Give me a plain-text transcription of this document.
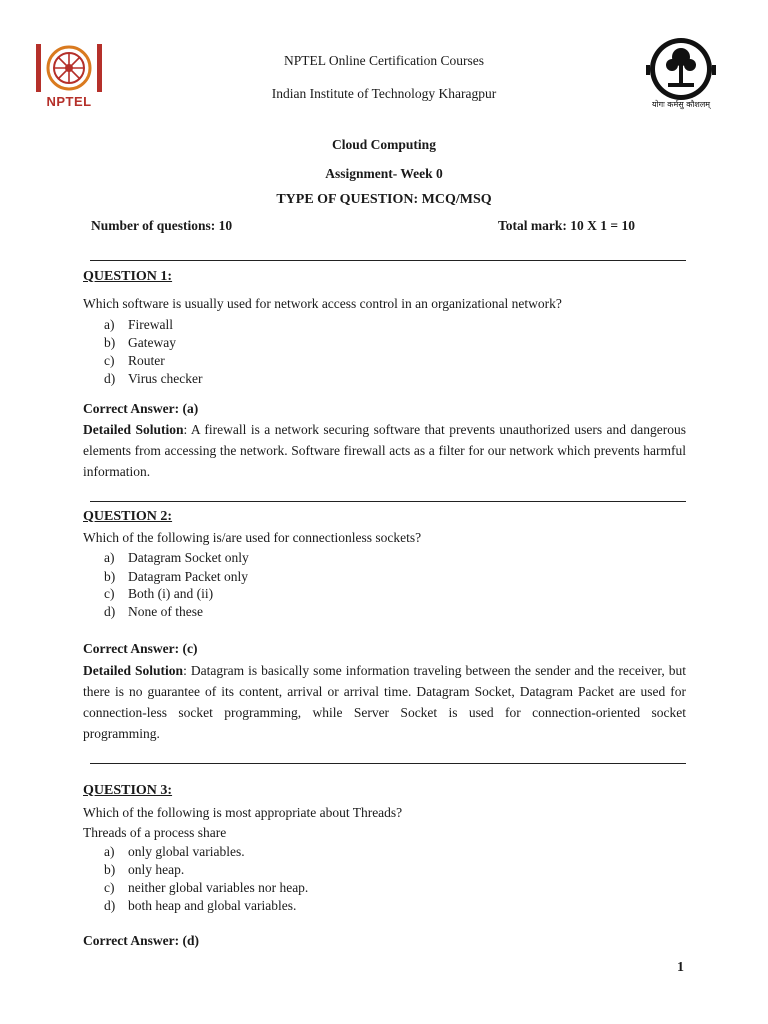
NPTEL	योगः कर्मसु कौशलम्
NPTEL Online Certification Courses
Indian Institute of Technology Kharagpur
Cloud Computing
Assignment- Week 0
TYPE OF QUESTION: MCQ/MSQ
Number of questions: 10	Total mark: 10 X 1 = 10
QUESTION 1:
Which software is usually used for network access control in an organizational network?
a) Firewall
b) Gateway
c) Router
d) Virus checker
Correct Answer: (a)
Detailed Solution: A firewall is a network securing software that prevents unauthorized users and dangerous elements from accessing the network. Software firewall acts as a filter for our network which prevents harmful information.
QUESTION 2:
Which of the following is/are used for connectionless sockets?
a) Datagram Socket only
b) Datagram Packet only
c) Both (i) and (ii)
d) None of these
Correct Answer: (c)
Detailed Solution: Datagram is basically some information traveling between the sender and the receiver, but there is no guarantee of its content, arrival or arrival time. Datagram Socket, Datagram Packet are used for connection-less socket programming, while Server Socket is used for connection-oriented socket programming.
QUESTION 3:
Which of the following is most appropriate about Threads?
Threads of a process share
a) only global variables.
b) only heap.
c) neither global variables nor heap.
d) both heap and global variables.
Correct Answer: (d)
1
